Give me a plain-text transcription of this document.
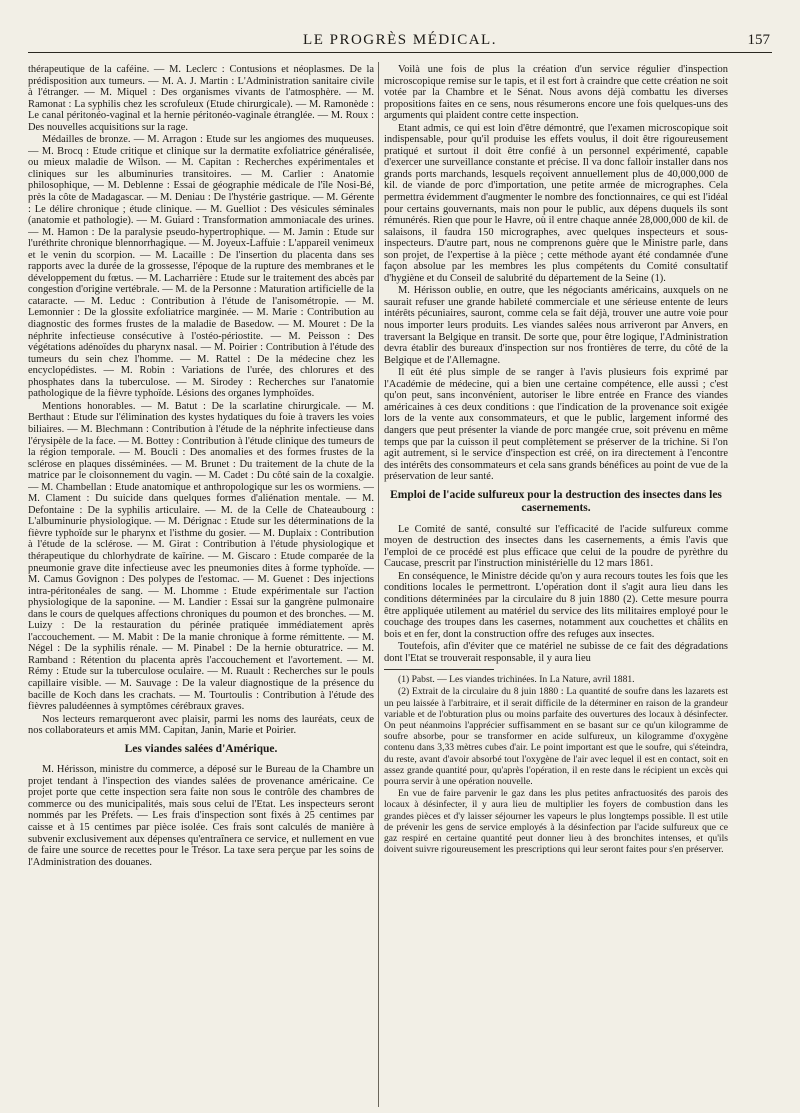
LE PROGRÈS MÉDICAL.	157

thérapeutique de la caféine. — M. Leclerc : Contusions et néoplasmes. De la prédisposition aux tumeurs. — M. A. J. Martin : L'Administration sanitaire civile à l'étranger. — M. Miquel : Des organismes vivants de l'atmosphère. — M. Ramonat : La syphilis chez les scrofuleux (Etude chirurgicale). — M. Ramonède : Le canal péritonéo-vaginal et la hernie péritonéo-vaginale étranglée. — M. Roux : Des nouvelles acquisitions sur la rage.

Médailles de bronze. — M. Arragon : Etude sur les angiomes des muqueuses. — M. Brocq : Etude critique et clinique sur la dermatite exfoliatrice généralisée, ou mieux maladie de Wilson. — M. Capitan : Recherches expérimentales et cliniques sur les albuminuries transitoires. — M. Carlier : Anatomie philosophique, — M. Deblenne : Essai de géographie médicale de l'île Nosi-Bé, près la côte de Madagascar. — M. Deniau : De l'hystérie gastrique. — M. Gérente : Le délire chronique ; étude clinique. — M. Guelliot : Des vésicules séminales (anatomie et pathologie). — M. Guiard : Transformation ammoniacale des urines. — M. Hamon : De la paralysie pseudo-hypertrophique. — M. Jamin : Etude sur l'uréthrite chronique blennorrhagique. — M. Joyeux-Laffuie : L'appareil venimeux et le venin du scorpion. — M. Lacaille : De l'insertion du placenta dans ses rapports avec la durée de la grossesse, l'époque de la rupture des membranes et le développement du fœtus. — M. Lacharrière : Etude sur le traitement des abcès par congestion d'origine vertébrale. — M. de la Personne : Maturation artificielle de la cataracte. — M. Leduc : Contribution à l'étude de l'anisométropie. — M. Lemonnier : De la glossite exfoliatrice marginée. — M. Marie : Contribution au diagnostic des formes frustes de la maladie de Basedow. — M. Mouret : De la néphrite infectieuse consécutive à l'ostéo-périostite. — M. Peisson : Des végétations adénoïdes du pharynx nasal. — M. Poirier : Contribution à l'étude des tumeurs du sein chez l'homme. — M. Rattel : De la médecine chez les encyclopédistes. — M. Robin : Variations de l'urée, des chlorures et des phosphates dans la tuberculose. — M. Sirodey : Recherches sur l'anatomie pathologique de la fièvre typhoïde. Lésions des organes lymphoïdes.

Mentions honorables. — M. Batut : De la scarlatine chirurgicale. — M. Berthaut : Etude sur l'élimination des kystes hydatiques du foie à travers les voies biliaires. — M. Blechmann : Contribution à l'étude de la néphrite infectieuse dans l'érysipèle de la face. — M. Bottey : Contribution à l'étude clinique des tumeurs de la région temporale. — M. Boucli : Des anomalies et des formes frustes de la sclérose en plaques disséminées. — M. Brunet : Du traitement de la chute de la matrice par le cloisonnement du vagin. — M. Cadet : Du côté sain de la coxalgie. — M. Chambellan : Etude anatomique et anthropologique sur les os wormiens. — M. Clament : Du suicide dans quelques formes d'aliénation mentale. — M. Defontaine : De la syphilis articulaire. — M. de la Celle de Chateaubourg : L'albuminurie physiologique. — M. Dérignac : Etude sur les déterminations de la fièvre typhoïde sur le pharynx et l'isthme du gosier. — M. Duplaix : Contribution à l'étude de la sclérose. — M. Girat : Contribution à l'étude physiologique et thérapeutique du chlorhydrate de kaïrine. — M. Giscaro : Etude comparée de la pneumonie grave dite infectieuse avec les pneumonies dites à forme typhoïde. — M. Camus Govignon : Des polypes de l'estomac. — M. Guenet : Des injections intra-péritonéales de sang. — M. Lhomme : Etude expérimentale sur l'action physiologique de la saponine. — M. Landier : Essai sur la gangrène pulmonaire dans le cours de quelques affections chroniques du poumon et des bronches. — M. Luizy : De la restauration du périnée pratiquée immédiatement après l'accouchement. — M. Mabit : De la manie chronique à forme rémittente. — M. Négel : De la syphilis rénale. — M. Pinabel : De la hernie obturatrice. — M. Ramband : Rétention du placenta après l'accouchement et l'avortement. — M. Rémy : Etude sur la tuberculose oculaire. — M. Ruault : Recherches sur le pouls capillaire visible. — M. Sauvage : De la valeur diagnostique de la présence du bacille de Koch dans les crachats. — M. Tourtoulis : Contribution à l'étude des fièvres paludéennes à symptômes cérébraux graves.

Nos lecteurs remarqueront avec plaisir, parmi les noms des lauréats, ceux de nos collaborateurs et amis MM. Capitan, Janin, Marie et Poirier.

Les viandes salées d'Amérique.

M. Hérisson, ministre du commerce, a déposé sur le Bureau de la Chambre un projet tendant à l'inspection des viandes salées de provenance américaine. Ce projet porte que cette inspection sera faite non sous le contrôle des chambres de commerce ou des municipalités, mais sous celui de l'Etat. Les inspecteurs seront nommés par les Préfets. — Les frais d'inspection sont fixés à 25 centimes par caisse et à 15 centimes par pièce isolée. Ces frais sont calculés de manière à subvenir exclusivement aux dépenses qu'entraînera ce service, et nullement en vue de faire une source de recettes pour le Trésor. La taxe sera perçue par les soins de l'Administration des douanes.

Voilà une fois de plus la création d'un service régulier d'inspection microscopique remise sur le tapis, et il est fort à craindre que cette création ne soit votée par la Chambre et le Sénat. Nous avons déjà combattu les diverses propositions faites en ce sens, nous résumerons encore une fois quelques-uns des arguments qui plaident contre cette inspection.

Etant admis, ce qui est loin d'être démontré, que l'examen microscopique soit indispensable, pour qu'il produise les effets voulus, il doit être rigoureusement pratiqué et surtout il doit être confié à un personnel expérimenté, capable d'exercer une surveillance constante et précise. Il va donc falloir installer dans nos grands ports marchands, lesquels reçoivent annuellement plus de 40,000,000 de kil. de viande de porc d'importation, une petite armée de micrographes. Cela permettra évidemment d'augmenter le nombre des fonctionnaires, ce qui est l'idéal pour certains gouvernants, mais non pour le public, aux dépens duquels ils sont rémunérés. Rien que pour le Havre, où il entre chaque année 28,000,000 de kil. de salaisons, il faudra 150 micrographes, avec quelques inspecteurs et sous-inspecteurs. D'autre part, nous ne comprenons guère que le Ministre parle, dans son projet, de l'expertise à la pièce ; cette méthode ayant été condamnée d'une façon absolue par les membres les plus compétents du Comité consultatif d'hygiène et du Conseil de salubrité du département de la Seine (1).

M. Hérisson oublie, en outre, que les négociants américains, auxquels on ne saurait refuser une grande habileté commerciale et une sérieuse entente de leurs intérêts pécuniaires, sauront, comme cela se fait déjà, trouver une autre voie pour nous importer leurs produits. Les viandes salées nous arriveront par Anvers, en traversant la Belgique en transit. De sorte que, pour être logique, l'Administration devra établir des bureaux d'inspection sur nos frontières de terre, du côté de la Belgique et de l'Allemagne.

Il eût été plus simple de se ranger à l'avis plusieurs fois exprimé par l'Académie de médecine, qui a bien une certaine compétence, elle aussi ; c'est qu'on peut, sans inconvénient, autoriser le libre entrée en France des viandes américaines à ces deux conditions : que l'indication de la provenance soit exigée lors de la vente aux consommateurs, et que le public, largement informé des dangers que peut présenter la viande de porc mangée crue, soit prévenu en même temps que par la cuisson il peut complètement se préserver de la trichine. Si l'on agit autrement, si le service d'inspection est créé, on ira directement à l'encontre des intérêts des consommateurs et cela sans grands bénéfices au point de vue de la préservation de leur santé.

Emploi de l'acide sulfureux pour la destruction des insectes dans les casernements.

Le Comité de santé, consulté sur l'efficacité de l'acide sulfureux comme moyen de destruction des insectes dans les casernements, a émis l'avis que l'emploi de ce procédé est plus efficace que celui de la poudre de pyrèthre du Caucase, prescrit par l'instruction ministérielle du 12 mars 1861.

En conséquence, le Ministre décide qu'on y aura recours toutes les fois que les conditions locales le permettront. L'opération dont il s'agit aura lieu dans les conditions déterminées par la circulaire du 8 juin 1880 (2). Cette mesure pourra être appliquée utilement au matériel du service des lits militaires employé pour le couchage des troupes dans les casernes, notamment aux couchettes et châlits en bois et en fer, dont la construction offre des refuges aux insectes.

Toutefois, afin d'éviter que ce matériel ne subisse de ce fait des dégradations dont l'Etat se trouverait responsable, il y aura lieu

(1) Pabst. — Les viandes trichinées. In La Nature, avril 1881.

(2) Extrait de la circulaire du 8 juin 1880 : La quantité de soufre dans les lazarets est un peu laissée à l'arbitraire, et il serait difficile de la déterminer en raison de la grandeur variable et de l'obturation plus ou moins parfaite des ouvertures des locaux à désinfecter. On peut néanmoins l'apprécier suffisamment en se basant sur ce qu'un kilogramme de soufre absorbe, pour se transformer en acide sulfureux, un kilogramme d'oxygène contenu dans 3,33 mètres cubes d'air. Le point important est que le soufre, qui s'éteindra, du reste, avant d'avoir absorbé tout l'oxygène de l'air avec lequel il est en contact, soit en assez grande quantité pour, qu'après l'opération, il en reste dans le récipient un excès qui pourra servir à une opération nouvelle.

En vue de faire parvenir le gaz dans les plus petites anfractuosités des parois des locaux à désinfecter, il y aura lieu de multiplier les foyers de combustion dans les grandes pièces et d'y laisser séjourner les vapeurs le plus longtemps possible. Il est utile de prévenir les gens de service employés à la désinfection par l'acide sulfureux que ce gaz respiré en certaine quantité peut donner lieu à des bronchites intenses, et qu'ils doivent suivre rigoureusement les prescriptions qui leur seront faites pour s'en préserver.
